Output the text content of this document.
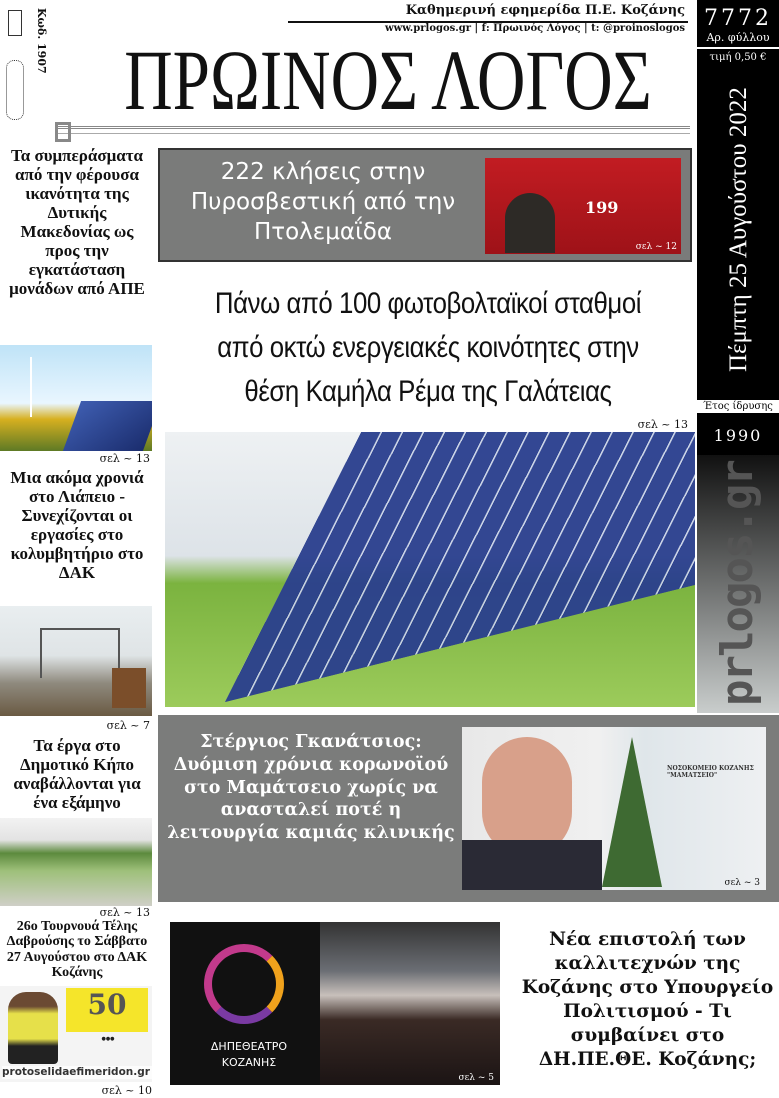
Κωδ. 1907	Καθημερινή εφημερίδα Π.Ε. Κοζάνης
www.prlogos.gr | f: Πρωινός Λόγος | t: @proinoslogos
ΠΡΩΙΝΟΣ ΛΟΓΟΣ
7772
Αρ. φύλλου
τιμή 0,50 €
Πέμπτη 25 Αυγούστου 2022
Έτος ίδρυσης
1990
prlogos.gr
Τα συμπεράσματα από την φέρουσα ικανότητα της Δυτικής Μακεδονίας ως προς την εγκατάσταση μονάδων από ΑΠΕ
σελ ~ 13
Μια ακόμα χρονιά στο Λιάπειο - Συνεχίζονται οι εργασίες στο κολυμβητήριο στο ΔΑΚ
σελ ~ 7
Τα έργα στο Δημοτικό Κήπο αναβάλλονται για ένα εξάμηνο
σελ ~ 13
26ο Τουρνουά Τέλης Δαβρούσης το Σάββατο 27 Αυγούστου στο ΔΑΚ Κοζάνης
50
●●●
protoselidaefimeridon.gr
σελ ~ 10
222 κλήσεις στην Πυροσβεστική από την Πτολεμαΐδα
199
σελ ~ 12
Πάνω από 100 φωτοβολταϊκοί σταθμοί από οκτώ ενεργειακές κοινότητες στην θέση Καμήλα Ρέμα της Γαλάτειας
σελ ~ 13
Στέργιος Γκανάτσιος: Δυόμιση χρόνια κορωνοϊού στο Μαμάτσειο χωρίς να ανασταλεί ποτέ η λειτουργία καμιάς κλινικής
ΝΟΣΟΚΟΜΕΙΟ ΚΟΖΑΝΗΣ "ΜΑΜΑΤΣΕΙΟ"
σελ ~ 3
ΔΗΠΕΘΕΑΤΡΟ
ΚΟΖΑΝΗΣ
σελ ~ 5
Νέα επιστολή των καλλιτεχνών της Κοζάνης στο Υπουργείο Πολιτισμού - Τι συμβαίνει στο ΔΗ.ΠΕ.ΘΕ. Κοζάνης;
